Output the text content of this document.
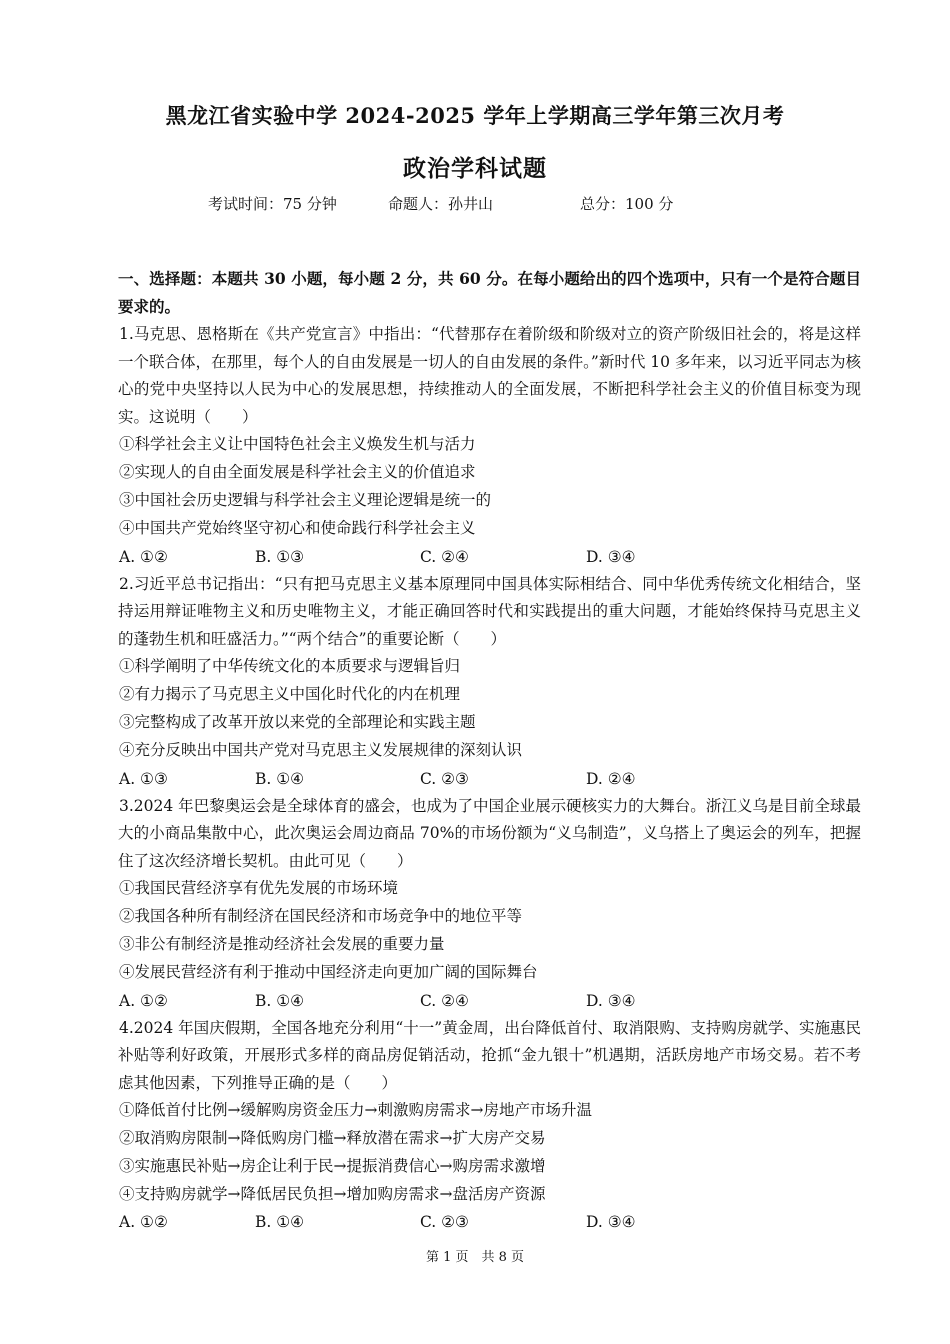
黑龙江省实验中学 2024-2025 学年上学期高三学年第三次月考
政治学科试题
考试时间：75 分钟	命题人：孙井山	总分：100 分

一、选择题：本题共 30 小题，每小题 2 分，共 60 分。在每小题给出的四个选项中，只有一个是符合题目要求的。

1.马克思、恩格斯在《共产党宣言》中指出：“代替那存在着阶级和阶级对立的资产阶级旧社会的，将是这样一个联合体，在那里，每个人的自由发展是一切人的自由发展的条件。”新时代 10 多年来，以习近平同志为核心的党中央坚持以人民为中心的发展思想，持续推动人的全面发展，不断把科学社会主义的价值目标变为现实。这说明（　　）

①科学社会主义让中国特色社会主义焕发生机与活力

②实现人的自由全面发展是科学社会主义的价值追求

③中国社会历史逻辑与科学社会主义理论逻辑是统一的

④中国共产党始终坚守初心和使命践行科学社会主义

A. ①②	B. ①③	C. ②④	D. ③④

2.习近平总书记指出：“只有把马克思主义基本原理同中国具体实际相结合、同中华优秀传统文化相结合，坚持运用辩证唯物主义和历史唯物主义，才能正确回答时代和实践提出的重大问题，才能始终保持马克思主义的蓬勃生机和旺盛活力。”“两个结合”的重要论断（　　）

①科学阐明了中华传统文化的本质要求与逻辑旨归

②有力揭示了马克思主义中国化时代化的内在机理

③完整构成了改革开放以来党的全部理论和实践主题

④充分反映出中国共产党对马克思主义发展规律的深刻认识

A. ①③	B. ①④	C. ②③	D. ②④

3.2024 年巴黎奥运会是全球体育的盛会，也成为了中国企业展示硬核实力的大舞台。浙江义乌是目前全球最大的小商品集散中心，此次奥运会周边商品 70%的市场份额为“义乌制造”，义乌搭上了奥运会的列车，把握住了这次经济增长契机。由此可见（　　）

①我国民营经济享有优先发展的市场环境

②我国各种所有制经济在国民经济和市场竞争中的地位平等

③非公有制经济是推动经济社会发展的重要力量

④发展民营经济有利于推动中国经济走向更加广阔的国际舞台

A. ①②	B. ①④	C. ②④	D. ③④

4.2024 年国庆假期，全国各地充分利用“十一”黄金周，出台降低首付、取消限购、支持购房就学、实施惠民补贴等利好政策，开展形式多样的商品房促销活动，抢抓“金九银十”机遇期，活跃房地产市场交易。若不考虑其他因素，下列推导正确的是（　　）

①降低首付比例→缓解购房资金压力→刺激购房需求→房地产市场升温

②取消购房限制→降低购房门槛→释放潜在需求→扩大房产交易

③实施惠民补贴→房企让利于民→提振消费信心→购房需求激增

④支持购房就学→降低居民负担→增加购房需求→盘活房产资源

A. ①②	B. ①④	C. ②③	D. ③④
第 1 页　共 8 页
